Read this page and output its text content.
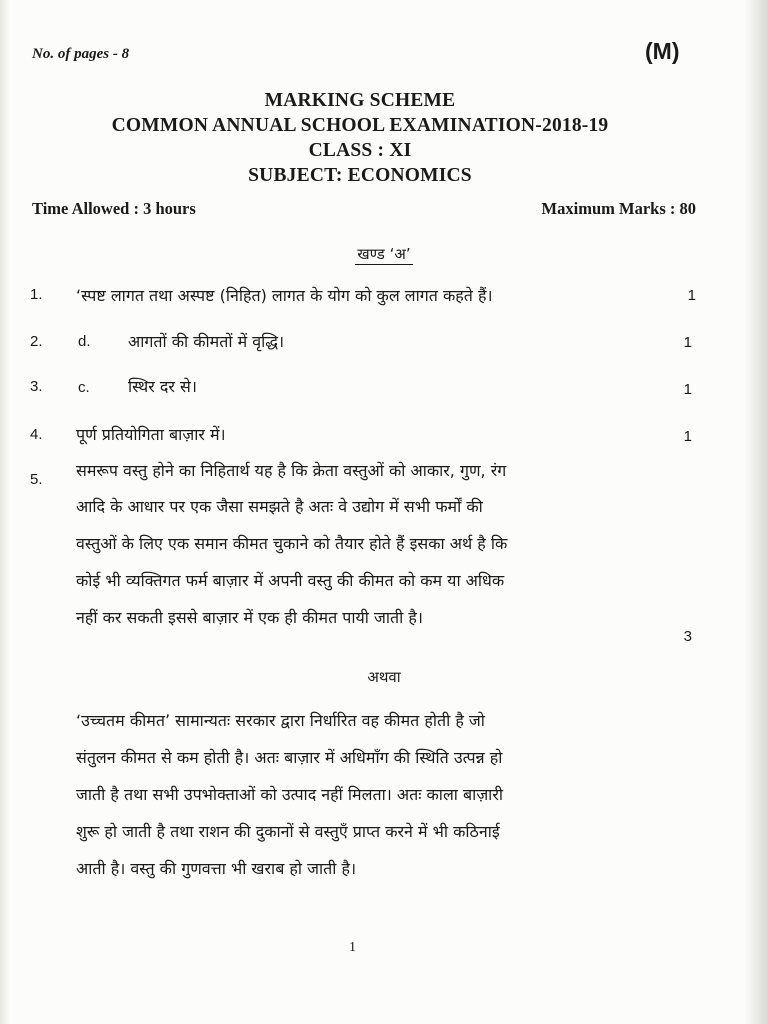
No. of pages - 8	(M)
MARKING SCHEME
COMMON ANNUAL SCHOOL EXAMINATION-2018-19
CLASS : XI
SUBJECT: ECONOMICS
Time Allowed : 3 hours	Maximum Marks : 80
खण्ड ‘अ’
1. ‘स्पष्ट लागत तथा अस्पष्ट (निहित) लागत के योग को कुल लागत कहते हैं।	1
2. d. आगतों की कीमतों में वृद्धि।	1
3. c. स्थिर दर से।	1
4. पूर्ण प्रतियोगिता बाज़ार में।	1
5. समरूप वस्तु होने का निहितार्थ यह है कि क्रेता वस्तुओं को आकार, गुण, रंग
आदि के आधार पर एक जैसा समझते है अतः वे उद्योग में सभी फर्मों की
वस्तुओं के लिए एक समान कीमत चुकाने को तैयार होते हैं इसका अर्थ है कि
कोई भी व्यक्तिगत फर्म बाज़ार में अपनी वस्तु की कीमत को कम या अधिक
नहीं कर सकती इससे बाज़ार में एक ही कीमत पायी जाती है।
3
अथवा
‘उच्चतम कीमत’ सामान्यतः सरकार द्वारा निर्धारित वह कीमत होती है जो
संतुलन कीमत से कम होती है। अतः बाज़ार में अधिमाँग की स्थिति उत्पन्न हो
जाती है तथा सभी उपभोक्ताओं को उत्पाद नहीं मिलता। अतः काला बाज़ारी
शुरू हो जाती है तथा राशन की दुकानों से वस्तुएँ प्राप्त करने में भी कठिनाई
आती है। वस्तु की गुणवत्ता भी खराब हो जाती है।
1
